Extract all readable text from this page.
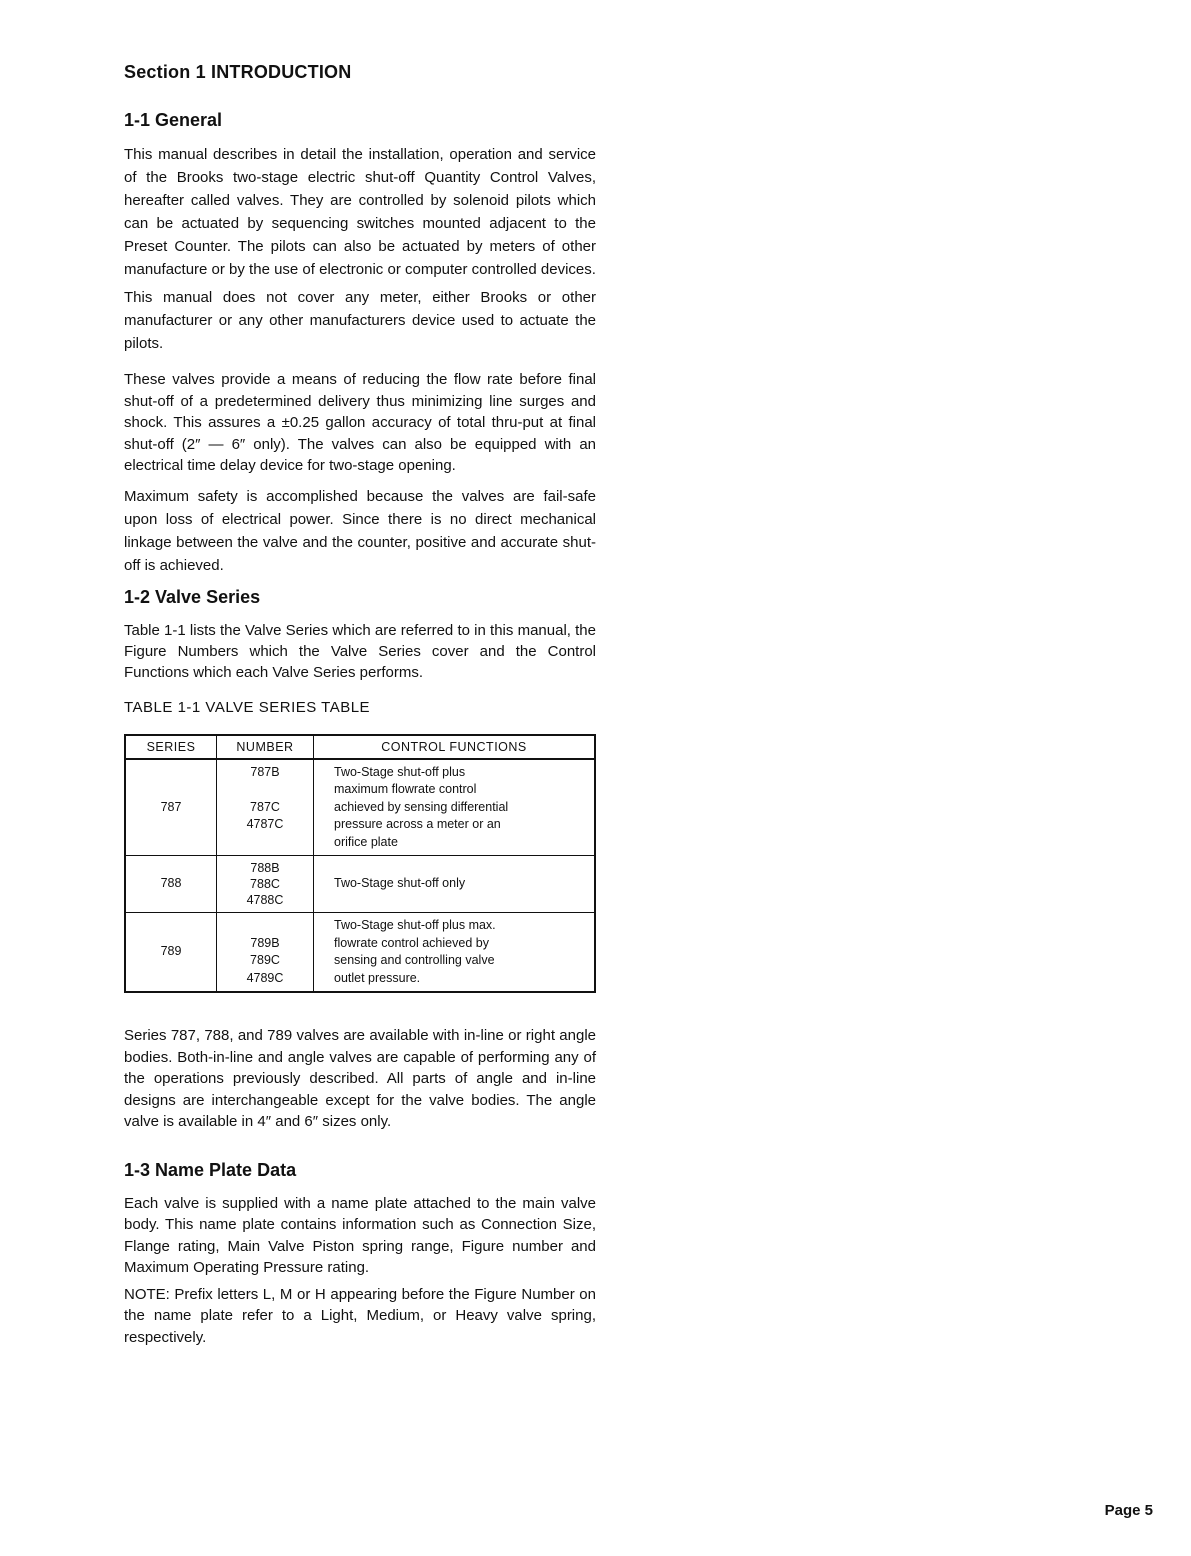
Section 1 INTRODUCTION
1-1 General

This manual describes in detail the installation, operation and service of the Brooks two-stage electric shut-off Quantity Control Valves, hereafter called valves. They are controlled by solenoid pilots which can be actuated by sequencing switches mounted adjacent to the Preset Counter. The pilots can also be actuated by meters of other manufacture or by the use of electronic or computer controlled devices.

This manual does not cover any meter, either Brooks or other manufacturer or any other manufacturers device used to actuate the pilots.

These valves provide a means of reducing the flow rate before final shut-off of a predetermined delivery thus minimizing line surges and shock. This assures a ±0.25 gallon accuracy of total thru-put at final shut-off (2″ — 6″ only). The valves can also be equipped with an electrical time delay device for two-stage opening.

Maximum safety is accomplished because the valves are fail-safe upon loss of electrical power. Since there is no direct mechanical linkage between the valve and the counter, positive and accurate shut-off is achieved.

1-2 Valve Series

Table 1-1 lists the Valve Series which are referred to in this manual, the Figure Numbers which the Valve Series cover and the Control Functions which each Valve Series performs.

TABLE 1-1 VALVE SERIES TABLE
SERIES	NUMBER	CONTROL FUNCTIONS
787	787B

787C
4787C	Two-Stage shut-off plus
maximum flowrate control
achieved by sensing differential
pressure across a meter or an
orifice plate
788	788B
788C
4788C	Two-Stage shut-off only
789	789B
789C
4789C	Two-Stage shut-off plus max.
flowrate control achieved by
sensing and controlling valve
outlet pressure.

Series 787, 788, and 789 valves are available with in-line or right angle bodies. Both-in-line and angle valves are capable of performing any of the operations previously described. All parts of angle and in-line designs are interchangeable except for the valve bodies. The angle valve is available in 4″ and 6″ sizes only.

1-3 Name Plate Data

Each valve is supplied with a name plate attached to the main valve body. This name plate contains information such as Connection Size, Flange rating, Main Valve Piston spring range, Figure number and Maximum Operating Pressure rating.

NOTE: Prefix letters L, M or H appearing before the Figure Number on the name plate refer to a Light, Medium, or Heavy valve spring, respectively.

Page 5
